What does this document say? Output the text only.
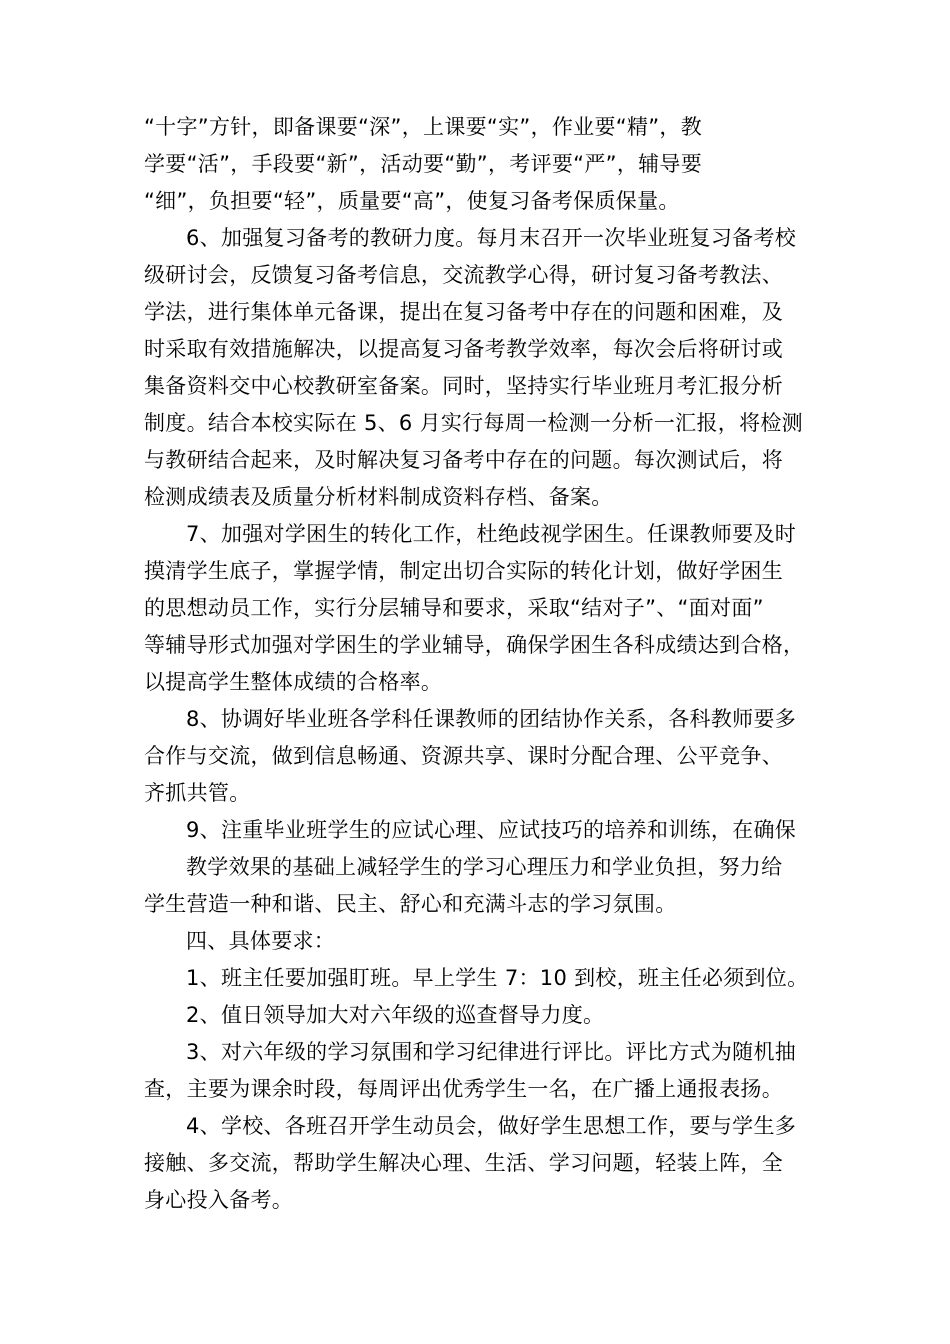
“十字”方针，即备课要“深”，上课要“实”，作业要“精”，教
学要“活”，手段要“新”，活动要“勤”，考评要“严”，辅导要
“细”，负担要“轻”，质量要“高”，使复习备考保质保量。
6、加强复习备考的教研力度。每月末召开一次毕业班复习备考校
级研讨会，反馈复习备考信息，交流教学心得，研讨复习备考教法、
学法，进行集体单元备课，提出在复习备考中存在的问题和困难，及
时采取有效措施解决，以提高复习备考教学效率，每次会后将研讨或
集备资料交中心校教研室备案。同时，坚持实行毕业班月考汇报分析
制度。结合本校实际在 5、6 月实行每周一检测一分析一汇报，将检测
与教研结合起来，及时解决复习备考中存在的问题。每次测试后，将
检测成绩表及质量分析材料制成资料存档、备案。
7、加强对学困生的转化工作，杜绝歧视学困生。任课教师要及时
摸清学生底子，掌握学情，制定出切合实际的转化计划，做好学困生
的思想动员工作，实行分层辅导和要求，采取“结对子”、“面对面”
等辅导形式加强对学困生的学业辅导，确保学困生各科成绩达到合格，
以提高学生整体成绩的合格率。
8、协调好毕业班各学科任课教师的团结协作关系，各科教师要多
合作与交流，做到信息畅通、资源共享、课时分配合理、公平竞争、
齐抓共管。
9、注重毕业班学生的应试心理、应试技巧的培养和训练，在确保
教学效果的基础上减轻学生的学习心理压力和学业负担，努力给
学生营造一种和谐、民主、舒心和充满斗志的学习氛围。
四、具体要求：
1、班主任要加强盯班。早上学生 7：10 到校，班主任必须到位。
2、值日领导加大对六年级的巡查督导力度。
3、对六年级的学习氛围和学习纪律进行评比。评比方式为随机抽
查，主要为课余时段，每周评出优秀学生一名，在广播上通报表扬。
4、学校、各班召开学生动员会，做好学生思想工作，要与学生多
接触、多交流，帮助学生解决心理、生活、学习问题，轻装上阵，全
身心投入备考。
